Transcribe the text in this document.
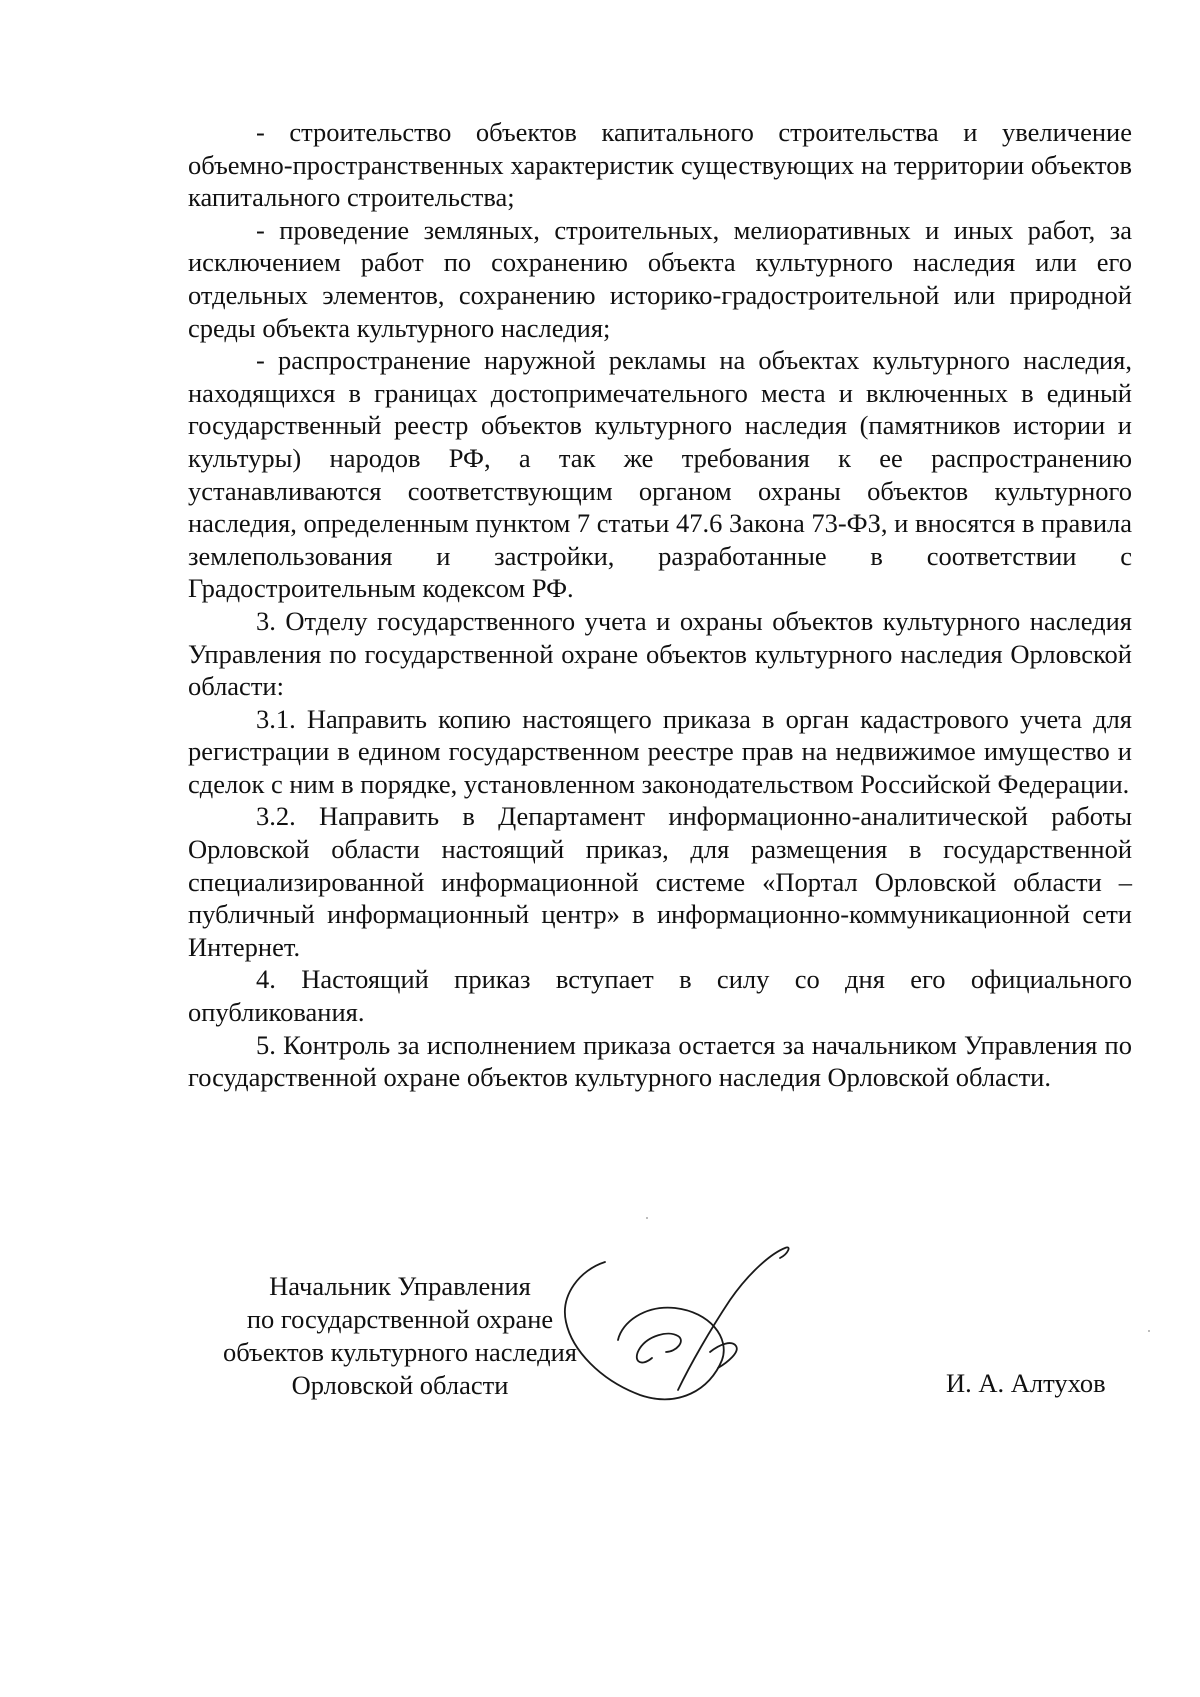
- строительство объектов капитального строительства и увеличение объемно-пространственных характеристик существующих на территории объектов капитального строительства;

- проведение земляных, строительных, мелиоративных и иных работ, за исключением работ по сохранению объекта культурного наследия или его отдельных элементов, сохранению историко-градостроительной или природной среды объекта культурного наследия;

- распространение наружной рекламы на объектах культурного наследия, находящихся в границах достопримечательного места и включенных в единый государственный реестр объектов культурного наследия (памятников истории и культуры) народов РФ, а так же требования к ее распространению устанавливаются соответствующим органом охраны объектов культурного наследия, определенным пунктом 7 статьи 47.6 Закона 73-ФЗ, и вносятся в правила землепользования и застройки, разработанные в соответствии с Градостроительным кодексом РФ.

3. Отделу государственного учета и охраны объектов культурного наследия Управления по государственной охране объектов культурного наследия Орловской области:

3.1. Направить копию настоящего приказа в орган кадастрового учета для регистрации в едином государственном реестре прав на недвижимое имущество и сделок с ним в порядке, установленном законодательством Российской Федерации.

3.2. Направить в Департамент информационно-аналитической работы Орловской области настоящий приказ, для размещения в государственной специализированной информационной системе «Портал Орловской области – публичный информационный центр» в информационно-коммуникационной сети Интернет.

4. Настоящий приказ вступает в силу со дня его официального опубликования.

5. Контроль за исполнением приказа остается за начальником Управления по государственной охране объектов культурного наследия Орловской области.

Начальник Управления
по государственной охране
объектов культурного наследия
Орловской области	И. А. Алтухов
